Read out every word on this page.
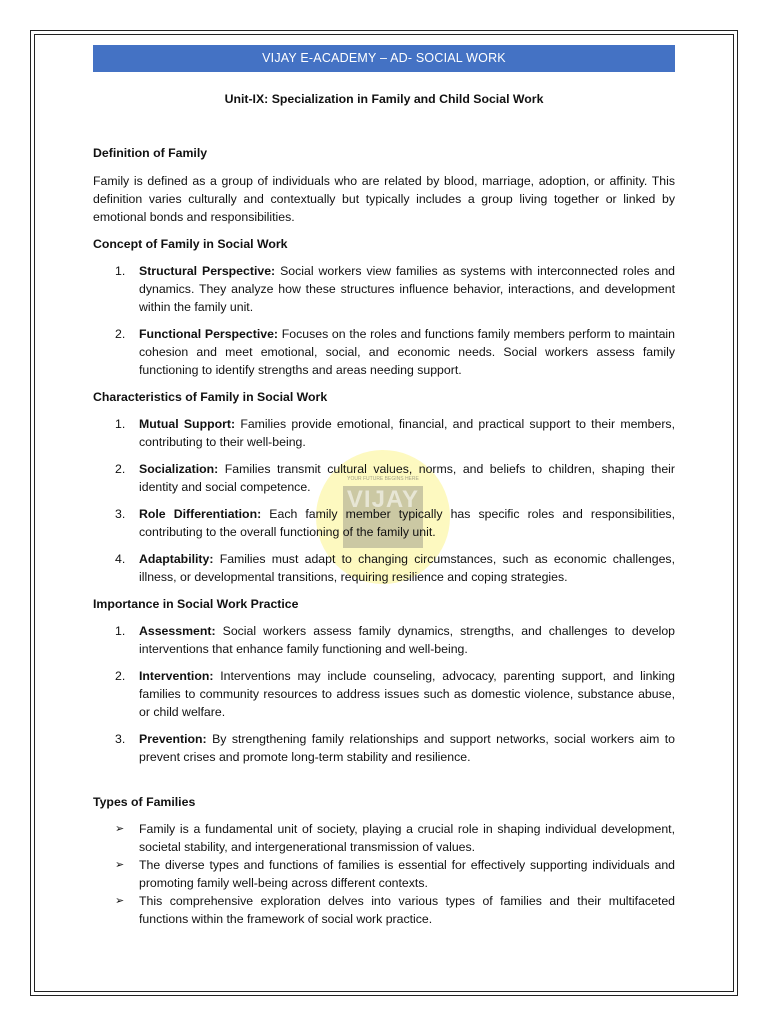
YOUR FUTURE BEGINS HERE
VIJAY
VIJAY E-ACADEMY – AD- SOCIAL WORK
Unit-IX: Specialization in Family and Child Social Work
Definition of Family

Family is defined as a group of individuals who are related by blood, marriage, adoption, or affinity. This definition varies culturally and contextually but typically includes a group living together or linked by emotional bonds and responsibilities.

Concept of Family in Social Work
1. Structural Perspective: Social workers view families as systems with interconnected roles and dynamics. They analyze how these structures influence behavior, interactions, and development within the family unit.
2. Functional Perspective: Focuses on the roles and functions family members perform to maintain cohesion and meet emotional, social, and economic needs. Social workers assess family functioning to identify strengths and areas needing support.
Characteristics of Family in Social Work
1. Mutual Support: Families provide emotional, financial, and practical support to their members, contributing to their well-being.
2. Socialization: Families transmit cultural values, norms, and beliefs to children, shaping their identity and social competence.
3. Role Differentiation: Each family member typically has specific roles and responsibilities, contributing to the overall functioning of the family unit.
4. Adaptability: Families must adapt to changing circumstances, such as economic challenges, illness, or developmental transitions, requiring resilience and coping strategies.
Importance in Social Work Practice
1. Assessment: Social workers assess family dynamics, strengths, and challenges to develop interventions that enhance family functioning and well-being.
2. Intervention: Interventions may include counseling, advocacy, parenting support, and linking families to community resources to address issues such as domestic violence, substance abuse, or child welfare.
3. Prevention: By strengthening family relationships and support networks, social workers aim to prevent crises and promote long-term stability and resilience.
Types of Families
➢ Family is a fundamental unit of society, playing a crucial role in shaping individual development, societal stability, and intergenerational transmission of values.
➢ The diverse types and functions of families is essential for effectively supporting individuals and promoting family well-being across different contexts.
➢ This comprehensive exploration delves into various types of families and their multifaceted functions within the framework of social work practice.
